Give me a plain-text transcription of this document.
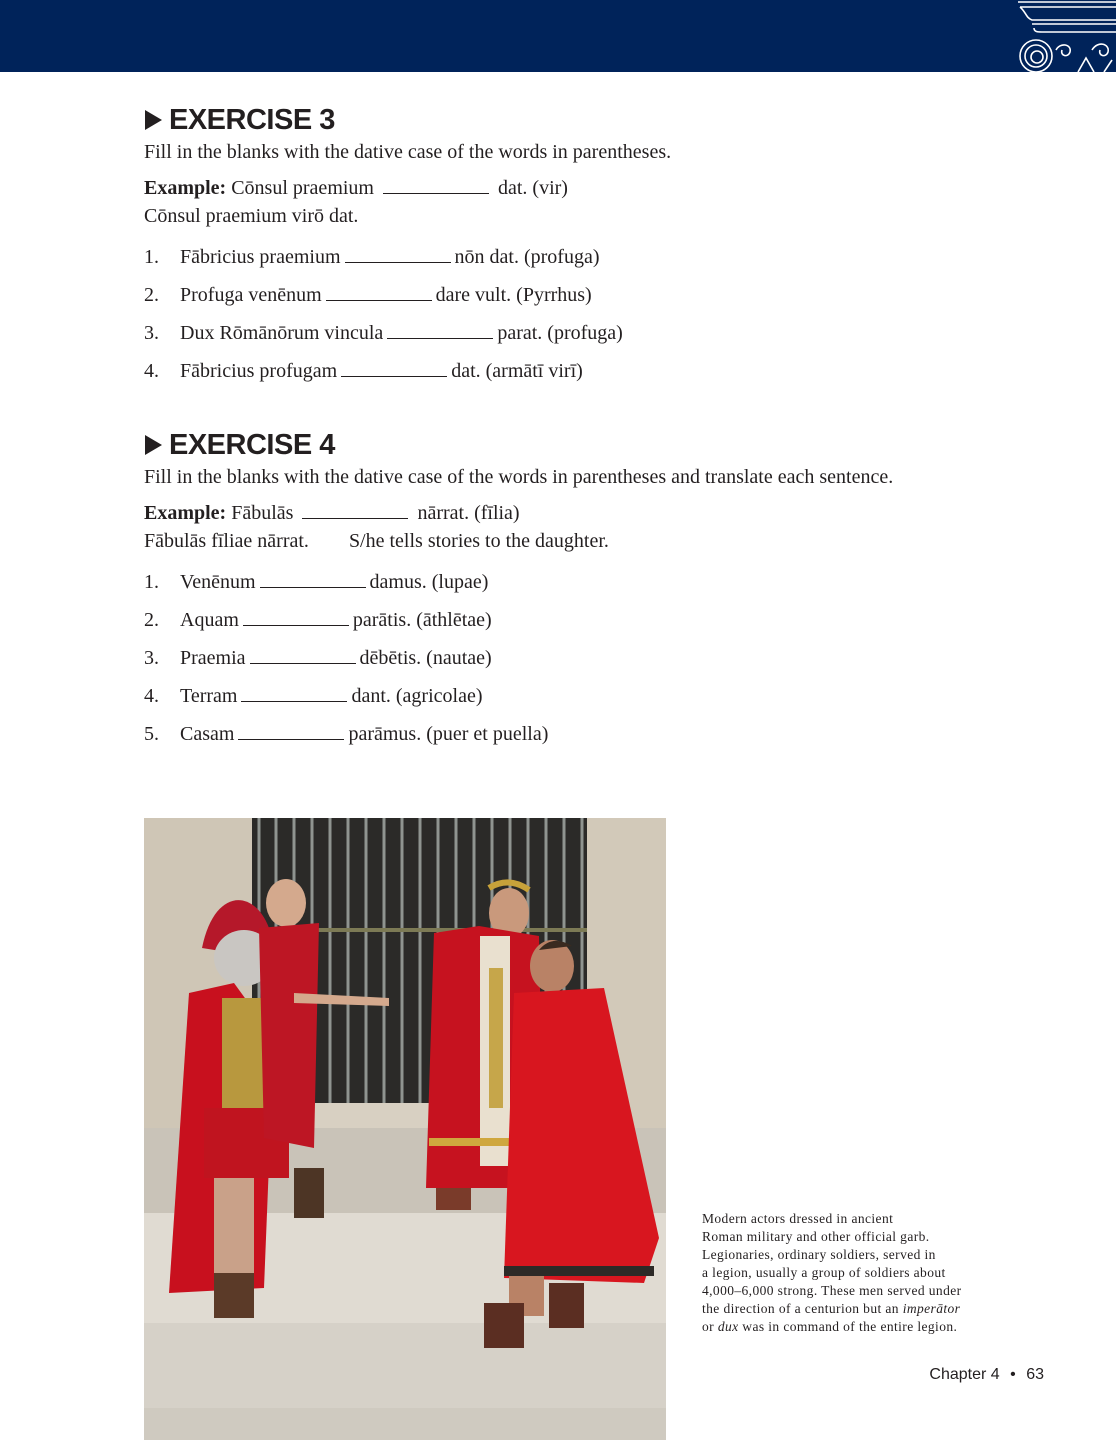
EXERCISE 3
Fill in the blanks with the dative case of the words in parentheses.
Example: Cōnsul praemium	dat. (vir)
Cōnsul praemium virō dat.
1.	Fābricius praemium	nōn dat. (profuga)
2.	Profuga venēnum	dare vult. (Pyrrhus)
3.	Dux Rōmānōrum vincula	parat. (profuga)
4.	Fābricius profugam	dat. (armātī virī)
EXERCISE 4
Fill in the blanks with the dative case of the words in parentheses and translate each sentence.
Example: Fābulās	nārrat. (fīlia)
Fābulās fīliae nārrat. S/he tells stories to the daughter.
1.	Venēnum	damus. (lupae)
2.	Aquam	parātis. (āthlētae)
3.	Praemia	dēbētis. (nautae)
4.	Terram	dant. (agricolae)
5.	Casam	parāmus. (puer et puella)
Modern actors dressed in ancient
Roman military and other official garb.
Legionaries, ordinary soldiers, served in
a legion, usually a group of soldiers about
4,000–6,000 strong. These men served under
the direction of a centurion but an imperātor
or dux was in command of the entire legion.
Chapter 4 • 63
